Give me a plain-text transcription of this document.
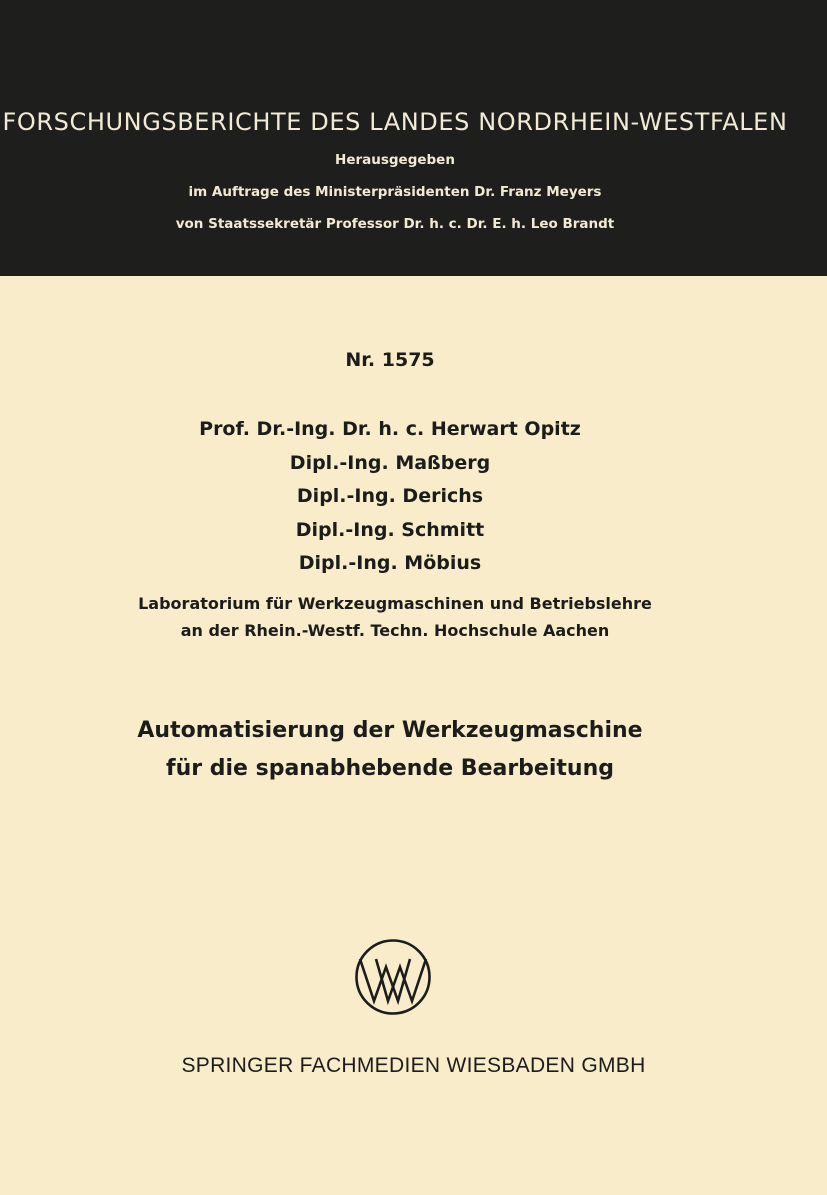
FORSCHUNGSBERICHTE DES LANDES NORDRHEIN-WESTFALEN
Herausgegeben
im Auftrage des Ministerpräsidenten Dr. Franz Meyers
von Staatssekretär Professor Dr. h. c. Dr. E. h. Leo Brandt
Nr. 1575
Prof. Dr.-Ing. Dr. h. c. Herwart Opitz
Dipl.-Ing. Maßberg
Dipl.-Ing. Derichs
Dipl.-Ing. Schmitt
Dipl.-Ing. Möbius
Laboratorium für Werkzeugmaschinen und Betriebslehre
an der Rhein.-Westf. Techn. Hochschule Aachen
Automatisierung der Werkzeugmaschine
für die spanabhebende Bearbeitung
SPRINGER FACHMEDIEN WIESBADEN GMBH
